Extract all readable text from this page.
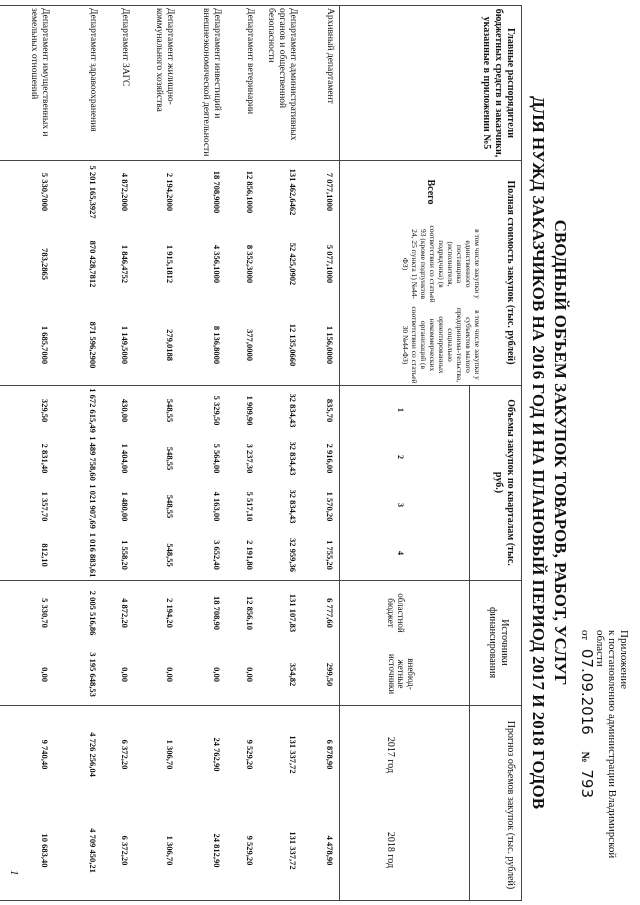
Приложение
к постановлению администрации Владимирской
области
от 07.09.2016 № 793
СВОДНЫЙ ОБЪЕМ ЗАКУПОК ТОВАРОВ, РАБОТ, УСЛУГ
ДЛЯ НУЖД ЗАКАЗЧИКОВ НА 2016 ГОД И НА ПЛАНОВЫЙ ПЕРИОД 2017 И 2018 ГОДОВ
Главные распорядители бюджетных средств и заказчики, указанные в приложении №5
Полная стоимость закупок (тыс. рублей)
Всего
в том числе закупки у единственного поставщика (исполнителя, подрядчика) (в соответствии со статьей 93 (кроме подпунктов 24, 25 пункта 1) №44-ФЗ)
в том числе закупки у субъектов малого предпринима-тельства, социально ориентированных некоммерческих организаций (в соответствии со статьей 30 №44-ФЗ)
Объемы закупок по кварталам (тыс. руб.)
1
2
3
4
Источники финансирования
областной бюджет
внебюд-жетные источники
Прогноз объемов закупок (тыс. рублей)
2017 год
2018 год
Архивный департамент
7 077,1000
5 077,1000
1 156,0000
835,70
2 916,00
1 570,20
1 755,20
6 777,60
299,50
6 878,90
4 478,90
Департамент административных органов и общественной безопасности
131 462,6462
52 425,0902
12 135,0660
32 834,43
32 834,43
32 834,43
32 959,36
131 107,83
354,82
131 337,72
131 337,72
Департамент ветеринарии
12 856,1000
8 352,3000
377,0000
1 909,90
3 237,30
5 517,10
2 191,80
12 856,10
0,00
9 529,20
9 529,20
Департамент инвестиций и внешнеэкономической деятельности
18 708,9000
4 356,1000
8 136,8000
5 329,50
5 564,00
4 163,00
3 652,40
18 708,90
0,00
24 762,90
24 812,90
Департамент жилищно-коммунального хозяйства
2 194,2000
1 915,1812
279,0188
548,55
548,55
548,55
548,55
2 194,20
0,00
1 306,70
1 306,70
Департамент ЗАГС
4 872,2000
1 846,4752
1 149,5000
430,00
1 404,00
1 480,00
1 558,20
4 872,20
0,00
6 372,20
6 372,20
Департамент здравоохранения
5 201 165,3927
870 428,7812
871 596,2900
1 672 615,49
1 489 758,60
1 021 907,69
1 016 883,61
2 005 516,86
3 195 648,53
4 726 256,04
4 709 450,21
Департамент имущественных и земельных отношений
5 330,7000
783,2865
1 685,7000
329,50
2 831,40
1 357,70
812,10
5 330,70
0,00
9 740,40
10 683,40
1
